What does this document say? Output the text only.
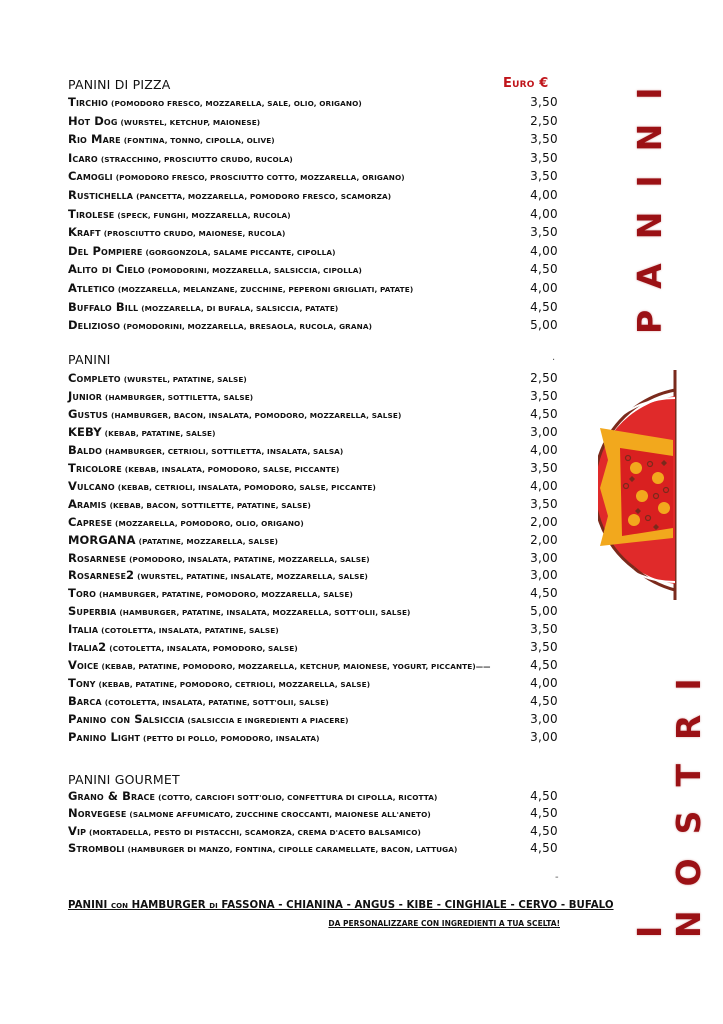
PANINI DI PIZZA	Euro €
Tirchio (POMODORO FRESCO, MOZZARELLA, SALE, OLIO, ORIGANO)	3,50
Hot Dog (WURSTEL, KETCHUP, MAIONESE)	2,50
Rio Mare (FONTINA, TONNO, CIPOLLA, OLIVE)	3,50
Icaro (STRACCHINO, PROSCIUTTO CRUDO, RUCOLA)	3,50
Camogli (POMODORO FRESCO, PROSCIUTTO COTTO, MOZZARELLA, ORIGANO)	3,50
Rustichella (PANCETTA, MOZZARELLA, POMODORO FRESCO, SCAMORZA)	4,00
Tirolese (SPECK, FUNGHI, MOZZARELLA, RUCOLA)	4,00
Kraft (PROSCIUTTO CRUDO, MAIONESE, RUCOLA)	3,50
Del Pompiere (GORGONZOLA, SALAME PICCANTE, CIPOLLA)	4,00
Alito di Cielo (POMODORINI, MOZZARELLA, SALSICCIA, CIPOLLA)	4,50
Atletico (MOZZARELLA, MELANZANE, ZUCCHINE, PEPERONI GRIGLIATI, PATATE)	4,00
Buffalo Bill (MOZZARELLA, DI BUFALA, SALSICCIA, PATATE)	4,50
Delizioso (POMODORINI, MOZZARELLA, BRESAOLA, RUCOLA, GRANA)	5,00
PANINI	.
Completo (WURSTEL, PATATINE, SALSE)	2,50
Junior (HAMBURGER, SOTTILETTA, SALSE)	3,50
Gustus (HAMBURGER, BACON, INSALATA, POMODORO, MOZZARELLA, SALSE)	4,50
KEBY (KEBAB, PATATINE, SALSE)	3,00
Baldo (HAMBURGER, CETRIOLI, SOTTILETTA, INSALATA, SALSA)	4,00
Tricolore (KEBAB, INSALATA, POMODORO, SALSE, PICCANTE)	3,50
Vulcano (KEBAB, CETRIOLI, INSALATA, POMODORO, SALSE, PICCANTE)	4,00
Aramis (KEBAB, BACON, SOTTILETTE, PATATINE, SALSE)	3,50
Caprese (MOZZARELLA, POMODORO, OLIO, ORIGANO)	2,00
MORGANA (PATATINE, MOZZARELLA, SALSE)	2,00
Rosarnese (POMODORO, INSALATA, PATATINE, MOZZARELLA, SALSE)	3,00
Rosarnese2 (WURSTEL, PATATINE, INSALATE, MOZZARELLA, SALSE)	3,00
Toro (HAMBURGER, PATATINE, POMODORO, MOZZARELLA, SALSE)	4,50
Superbia (HAMBURGER, PATATINE, INSALATA, MOZZARELLA, SOTT'OLII, SALSE)	5,00
Italia (COTOLETTA, INSALATA, PATATINE, SALSE)	3,50
Italia2 (COTOLETTA, INSALATA, POMODORO, SALSE)	3,50
Voice (KEBAB, PATATINE, POMODORO, MOZZARELLA, KETCHUP, MAIONESE, YOGURT, PICCANTE)——	4,50
Tony (KEBAB, PATATINE, POMODORO, CETRIOLI, MOZZARELLA, SALSE)	4,00
Barca (COTOLETTA, INSALATA, PATATINE, SOTT'OLII, SALSE)	4,50
Panino con Salsiccia (SALSICCIA E INGREDIENTI A PIACERE)	3,00
Panino Light (PETTO DI POLLO, POMODORO, INSALATA)	3,00
PANINI GOURMET
Grano & Brace (COTTO, CARCIOFI SOTT'OLIO, CONFETTURA DI CIPOLLA, RICOTTA)	4,50
Norvegese (SALMONE AFFUMICATO, ZUCCHINE CROCCANTI, MAIONESE ALL'ANETO)	4,50
Vip (MORTADELLA, PESTO DI PISTACCHI, SCAMORZA, CREMA D'ACETO BALSAMICO)	4,50
Stromboli (HAMBURGER DI MANZO, FONTINA, CIPOLLE CARAMELLATE, BACON, LATTUGA)	4,50
-
PANINI con HAMBURGER di FASSONA - CHIANINA - ANGUS - KIBE - CINGHIALE - CERVO - BUFALO
DA PERSONALIZZARE CON INGREDIENTI A TUA SCELTA!
PANINI
I NOSTRI
